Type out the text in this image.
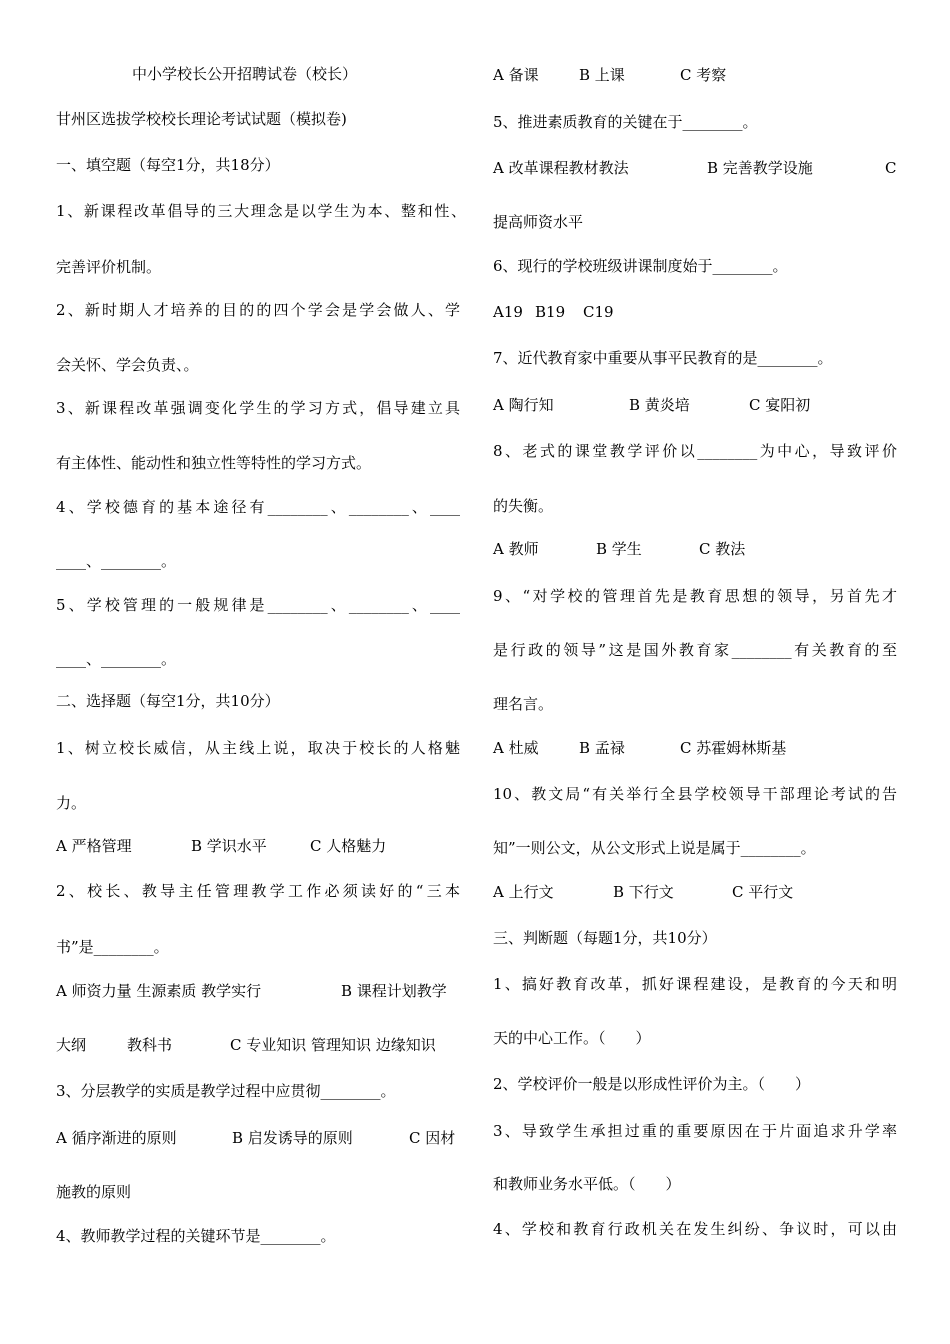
中小学校长公开招聘试卷（校长）
甘州区选拔学校校长理论考试试题（模拟卷)
一、填空题（每空1分，共18分）
1、新课程改革倡导的三大理念是以学生为本、整和性、
完善评价机制。
2、新时期人才培养的目的的四个学会是学会做人、学
会关怀、学会负责、。
3、新课程改革强调变化学生的学习方式，倡导建立具
有主体性、能动性和独立性等特性的学习方式。
4、学校德育的基本途径有________、________、____
____、________。
5、学校管理的一般规律是________、________、____
____、________。
二、选择题（每空1分，共10分）
1、树立校长威信，从主线上说，取决于校长的人格魅
力。
A 严格管理	B 学识水平	C 人格魅力
2、校长、教导主任管理教学工作必须读好的“三本
书”是________。
A 师资力量 生源素质 教学实行	B 课程计划教学
大纲	教科书	C 专业知识 管理知识 边缘知识
3、分层教学的实质是教学过程中应贯彻________。
A 循序渐进的原则	B 启发诱导的原则	C 因材
施教的原则
4、教师教学过程的关键环节是________。
A 备课	B 上课	C 考察
5、推进素质教育的关键在于________。
A 改革课程教材教法	B 完善教学设施	C
提高师资水平
6、现行的学校班级讲课制度始于________。
A19 B19 C19
7、近代教育家中重要从事平民教育的是________。
A 陶行知	B 黄炎培	C 宴阳初
8、老式的课堂教学评价以________为中心，导致评价
的失衡。
A 教师	B 学生	C 教法
9、“对学校的管理首先是教育思想的领导，另首先才
是行政的领导”这是国外教育家________有关教育的至
理名言。
A 杜威	B 孟禄	C 苏霍姆林斯基
10、教文局“有关举行全县学校领导干部理论考试的告
知”一则公文，从公文形式上说是属于________。
A 上行文	B 下行文	C 平行文
三、判断题（每题1分，共10分）
1、搞好教育改革，抓好课程建设，是教育的今天和明
天的中心工作。（　　）
2、学校评价一般是以形成性评价为主。（　　）
3、导致学生承担过重的重要原因在于片面追求升学率
和教师业务水平低。（　　）
4、学校和教育行政机关在发生纠纷、争议时，可以由
